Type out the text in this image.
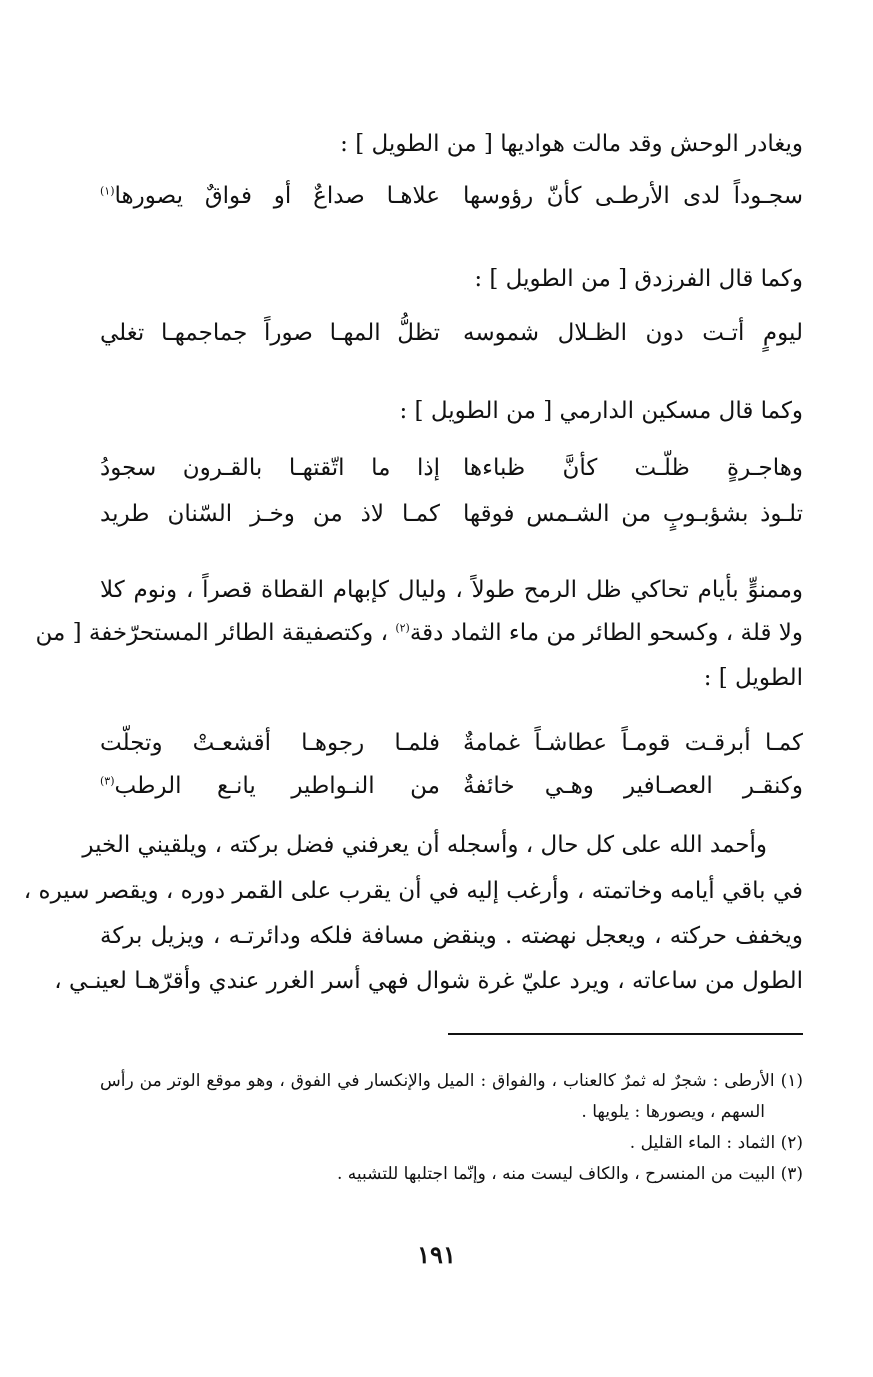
ويغادر الوحش وقد مالت هواديها [ من الطويل ] :
سجـوداً لدى الأرطـى كأنّ رؤوسها
علاهـا صداعٌ أو فواقٌ يصورها$^{(١)}$
وكما قال الفرزدق [ من الطويل ] :
ليومٍ أتـت دون الظـلال شموسه
تظلُّ المهـا صوراً جماجمهـا تغلي
وكما قال مسكين الدارمي [ من الطويل ] :
وهاجـرةٍ ظلّـت كأنَّ ظباءها
إذا ما اتّقتهـا بالقـرون سجودُ
تلـوذ بشؤبـوبٍ من الشـمس فوقها
كمـا لاذ من وخـز السّنان طريد
وممنوٍّ بأيام تحاكي ظل الرمح طولاً ، وليال كإبهام القطاة قصراً ، ونوم كلا
ولا قلة ، وكسحو الطائر من ماء الثماد دقة$^{(٢)}$ ، وكتصفيقة الطائر المستحرّخفة [ من
الطويل ] :
كمـا أبرقـت قومـاً عطاشـاً غمامةٌ
فلمـا رجوهـا أقشعـتْ وتجلّت
وكنقـر العصـافير وهـي خائفةٌ
من النـواطير يانـع الرطب$^{(٣)}$
وأحمد الله على كل حال ، وأسجله أن يعرفني فضل بركته ، ويلقيني الخير
في باقي أيامه وخاتمته ، وأرغب إليه في أن يقرب على القمر دوره ، ويقصر سيره ،
ويخفف حركته ، ويعجل نهضته . وينقض مسافة فلكه ودائرتـه ، ويزيل بركة
الطول من ساعاته ، ويرد عليّ غرة شوال فهي أسر الغرر عندي وأقرّهـا لعينـي ،
(١) الأرطى : شجرٌ له ثمرٌ كالعناب ، والفواق : الميل والإنكسار في الفوق ، وهو موقع الوتر من رأس
السهم ، ويصورها : يلويها .
(٢) الثماد : الماء القليل .
(٣) البيت من المنسرح ، والكاف ليست منه ، وإنّما اجتلبها للتشبيه .
١٩١
